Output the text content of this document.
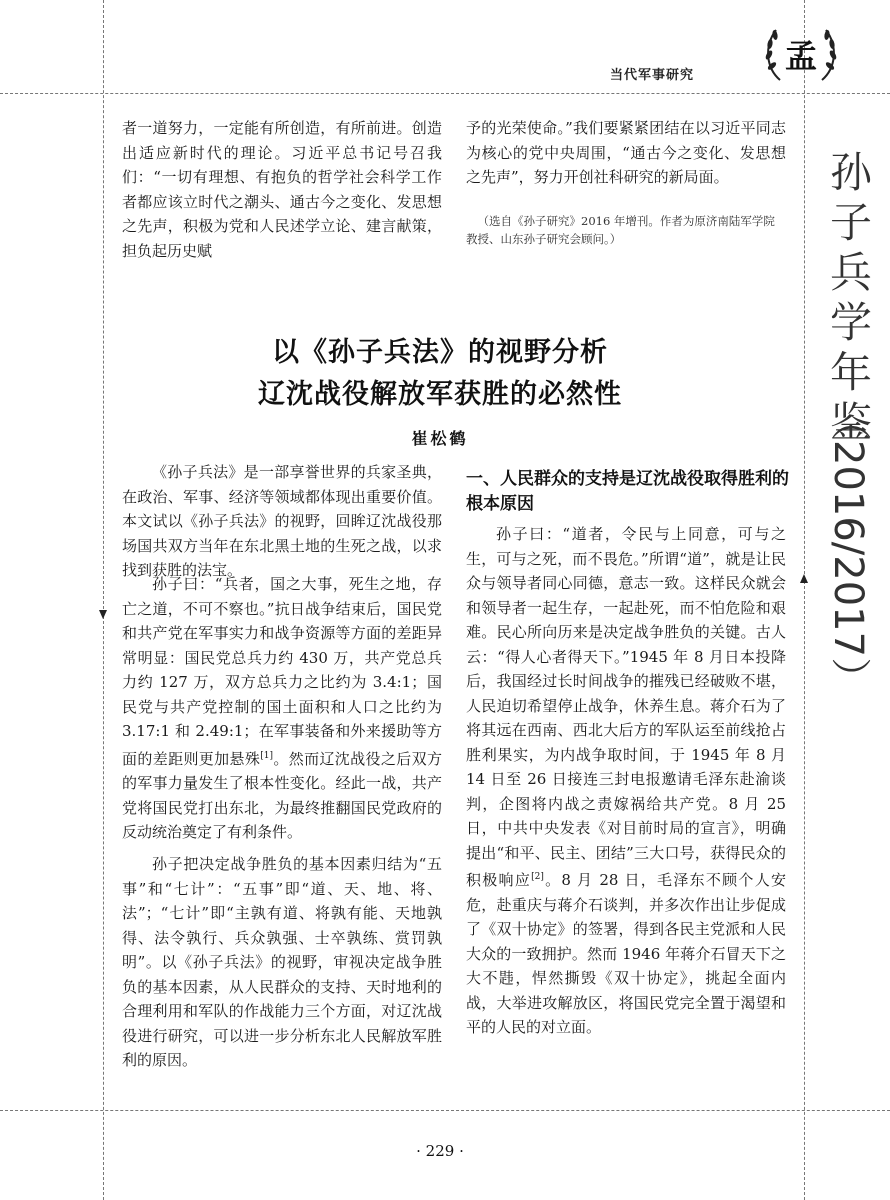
当代军事研究
孟
孙子兵学年鉴
（2016/2017）

者一道努力，一定能有所创造，有所前进。创造出适应新时代的理论。习近平总书记号召我们：“一切有理想、有抱负的哲学社会科学工作者都应该立时代之潮头、通古今之变化、发思想之先声，积极为党和人民述学立论、建言献策，担负起历史赋

予的光荣使命。”我们要紧紧团结在以习近平同志为核心的党中央周围，“通古今之变化、发思想之先声”，努力开创社科研究的新局面。

（选自《孙子研究》2016 年增刊。作者为原济南陆军学院教授、山东孙子研究会顾问。）

以《孙子兵法》的视野分析
辽沈战役解放军获胜的必然性
崔松鹤

《孙子兵法》是一部享誉世界的兵家圣典，在政治、军事、经济等领域都体现出重要价值。本文试以《孙子兵法》的视野，回眸辽沈战役那场国共双方当年在东北黑土地的生死之战，以求找到获胜的法宝。

孙子曰：“兵者，国之大事，死生之地，存亡之道，不可不察也。”抗日战争结束后，国民党和共产党在军事实力和战争资源等方面的差距异常明显：国民党总兵力约 430 万，共产党总兵力约 127 万，双方总兵力之比约为 3.4:1；国民党与共产党控制的国土面积和人口之比约为 3.17:1 和 2.49:1；在军事装备和外来援助等方面的差距则更加悬殊[1]。然而辽沈战役之后双方的军事力量发生了根本性变化。经此一战，共产党将国民党打出东北，为最终推翻国民党政府的反动统治奠定了有利条件。

孙子把决定战争胜负的基本因素归结为“五事”和“七计”：“五事”即“道、天、地、将、法”；“七计”即“主孰有道、将孰有能、天地孰得、法令孰行、兵众孰强、士卒孰练、赏罚孰明”。以《孙子兵法》的视野，审视决定战争胜负的基本因素，从人民群众的支持、天时地利的合理利用和军队的作战能力三个方面，对辽沈战役进行研究，可以进一步分析东北人民解放军胜利的原因。

一、人民群众的支持是辽沈战役取得胜利的根本原因

孙子曰：“道者，令民与上同意，可与之生，可与之死，而不畏危。”所谓“道”，就是让民众与领导者同心同德，意志一致。这样民众就会和领导者一起生存，一起赴死，而不怕危险和艰难。民心所向历来是决定战争胜负的关键。古人云：“得人心者得天下。”1945 年 8 月日本投降后，我国经过长时间战争的摧残已经破败不堪，人民迫切希望停止战争，休养生息。蒋介石为了将其远在西南、西北大后方的军队运至前线抢占胜利果实，为内战争取时间，于 1945 年 8 月 14 日至 26 日接连三封电报邀请毛泽东赴渝谈判，企图将内战之责嫁祸给共产党。8 月 25 日，中共中央发表《对目前时局的宣言》，明确提出“和平、民主、团结”三大口号，获得民众的积极响应[2]。8 月 28 日，毛泽东不顾个人安危，赴重庆与蒋介石谈判，并多次作出让步促成了《双十协定》的签署，得到各民主党派和人民大众的一致拥护。然而 1946 年蒋介石冒天下之大不韪，悍然撕毁《双十协定》，挑起全面内战，大举进攻解放区，将国民党完全置于渴望和平的人民的对立面。

· 229 ·
